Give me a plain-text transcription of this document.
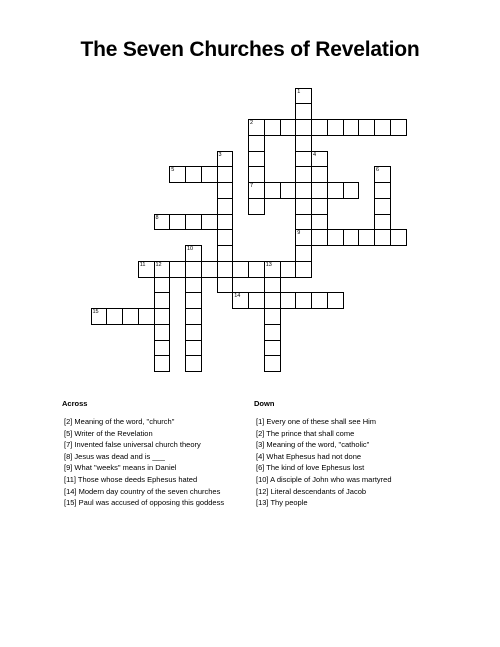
The Seven Churches of Revelation
1
9
2
7
3	4
5	6
8
10
11 12	13
14
15
Across	Down
[2] Meaning of the word, "church"
[5] Writer of the Revelation
[7] Invented false universal church theory
[8] Jesus was dead and is ___
[9] What "weeks" means in Daniel
[11] Those whose deeds Ephesus hated
[14] Modern day country of the seven churches
[15] Paul was accused of opposing this goddess
[1] Every one of these shall see Him
[2] The prince that shall come
[3] Meaning of the word, "catholic"
[4] What Ephesus had not done
[6] The kind of love Ephesus lost
[10] A disciple of John who was martyred
[12] Literal descendants of Jacob
[13] Thy people
